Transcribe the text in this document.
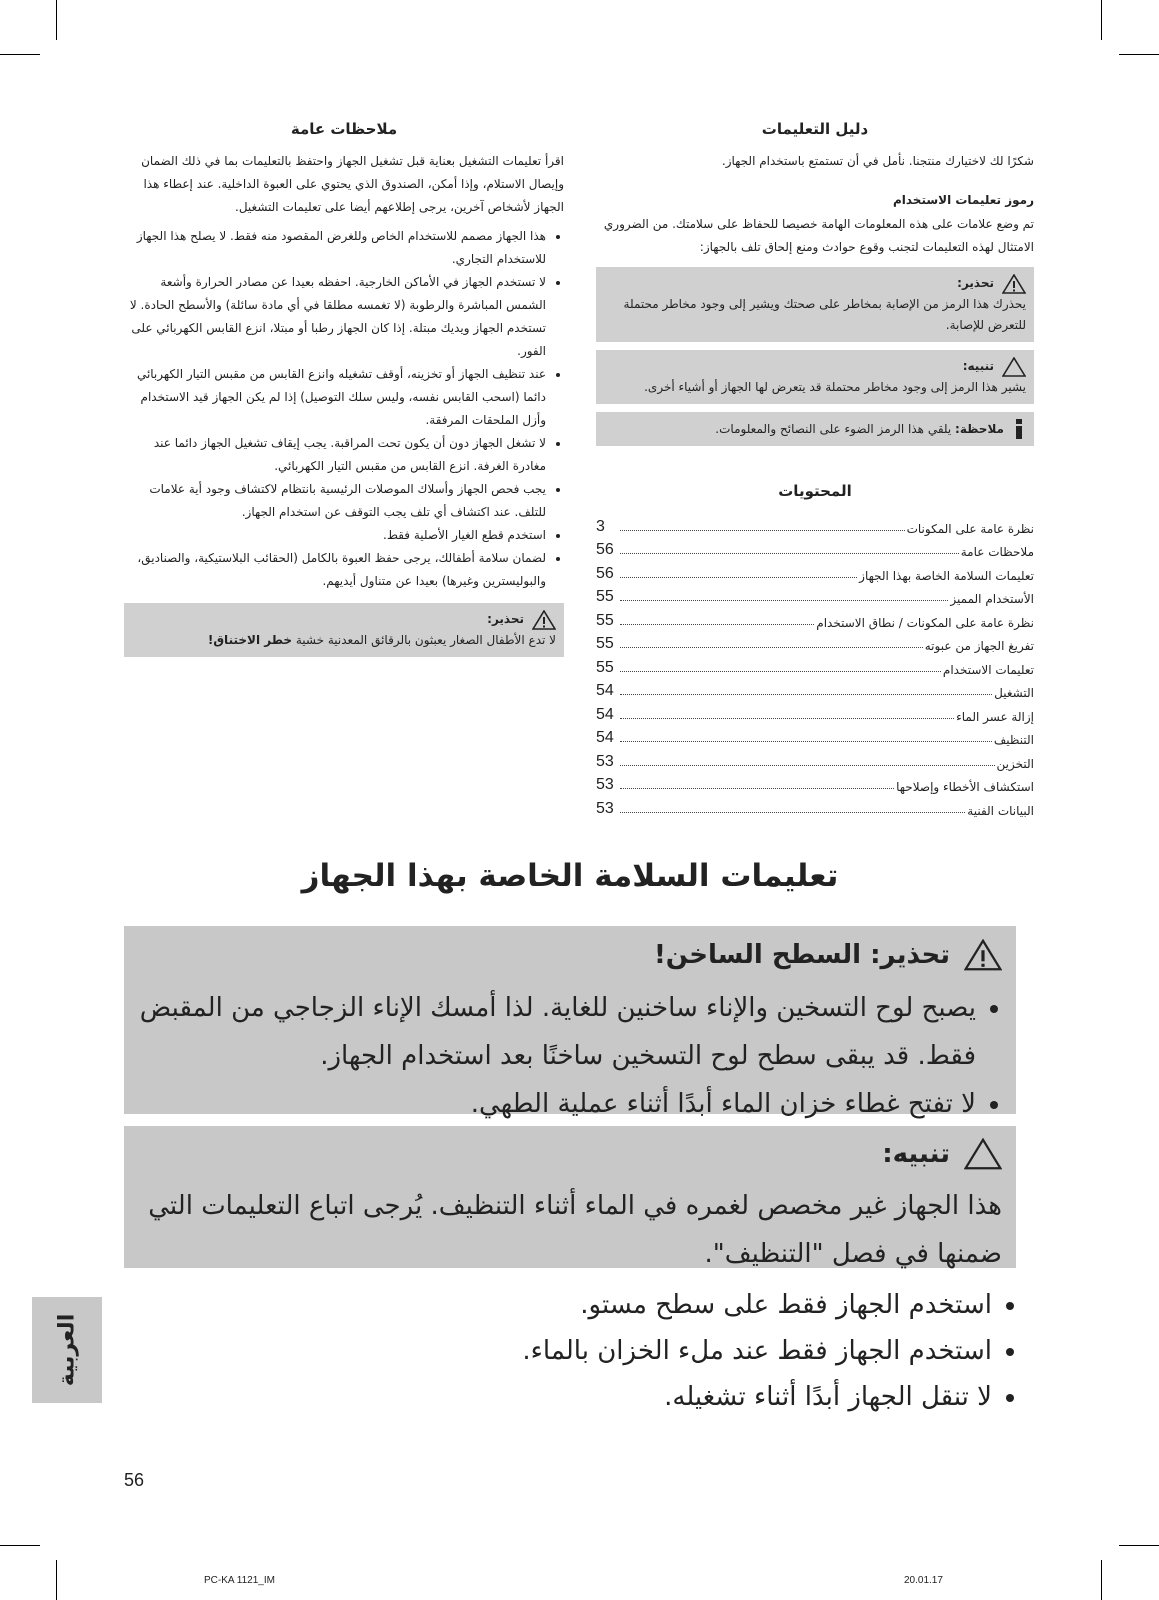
دليل التعليمات

شكرًا لك لاختيارك منتجنا. نأمل في أن تستمتع باستخدام الجهاز.

رموز تعليمات الاستخدام

تم وضع علامات على هذه المعلومات الهامة خصيصا للحفاظ على سلامتك. من الضروري الامتثال لهذه التعليمات لتجنب وقوع حوادث ومنع إلحاق تلف بالجهاز:

تحذير:
يحذرك هذا الرمز من الإصابة بمخاطر على صحتك ويشير إلى وجود مخاطر محتملة للتعرض للإصابة.
تنبيه:
يشير هذا الرمز إلى وجود مخاطر محتملة قد يتعرض لها الجهاز أو أشياء أخرى.
ملاحظة: يلقي هذا الرمز الضوء على النصائح والمعلومات.
المحتويات
نظرة عامة على المكونات
3
ملاحظات عامة
56
تعليمات السلامة الخاصة بهذا الجهاز
56
الأستخدام المميز
55
نظرة عامة على المكونات / نطاق الاستخدام
55
تفريغ الجهاز من عبوته
55
تعليمات الاستخدام
55
التشغيل
54
إزالة عسر الماء
54
التنظيف
54
التخزين
53
استكشاف الأخطاء وإصلاحها
53
البيانات الفنية
53
ملاحظات عامة

اقرأ تعليمات التشغيل بعناية قبل تشغيل الجهاز واحتفظ بالتعليمات بما في ذلك الضمان وإيصال الاستلام، وإذا أمكن، الصندوق الذي يحتوي على العبوة الداخلية. عند إعطاء هذا الجهاز لأشخاص آخرين، يرجى إطلاعهم أيضا على تعليمات التشغيل.

• هذا الجهاز مصمم للاستخدام الخاص وللغرض المقصود منه فقط. لا يصلح هذا الجهاز للاستخدام التجاري.
• لا تستخدم الجهاز في الأماكن الخارجية. احفظه بعيدا عن مصادر الحرارة وأشعة الشمس المباشرة والرطوبة (لا تغمسه مطلقا في أي مادة سائلة) والأسطح الحادة. لا تستخدم الجهاز ويديك مبتلة. إذا كان الجهاز رطبا أو مبتلا، انزع القابس الكهربائي على الفور.
• عند تنظيف الجهاز أو تخزينه، أوقف تشغيله وانزع القابس من مقبس التيار الكهربائي دائما (اسحب القابس نفسه، وليس سلك التوصيل) إذا لم يكن الجهاز قيد الاستخدام وأزل الملحقات المرفقة.
• لا تشغل الجهاز دون أن يكون تحت المراقبة. يجب إيقاف تشغيل الجهاز دائما عند مغادرة الغرفة. انزع القابس من مقبس التيار الكهربائي.
• يجب فحص الجهاز وأسلاك الموصلات الرئيسية بانتظام لاكتشاف وجود أية علامات للتلف. عند اكتشاف أي تلف يجب التوقف عن استخدام الجهاز.
• استخدم قطع الغيار الأصلية فقط.
• لضمان سلامة أطفالك، يرجى حفظ العبوة بالكامل (الحقائب البلاستيكية، والصناديق، والبوليسترين وغيرها) بعيدا عن متناول أيديهم.
تحذير:
لا تدع الأطفال الصغار يعبثون بالرقائق المعدنية خشية خطر الاختناق!
تعليمات السلامة الخاصة بهذا الجهاز
تحذير: السطح الساخن!
• يصبح لوح التسخين والإناء ساخنين للغاية. لذا أمسك الإناء الزجاجي من المقبض فقط. قد يبقى سطح لوح التسخين ساخنًا بعد استخدام الجهاز.
• لا تفتح غطاء خزان الماء أبدًا أثناء عملية الطهي.
تنبيه:

هذا الجهاز غير مخصص لغمره في الماء أثناء التنظيف. يُرجى اتباع التعليمات التي ضمنها في فصل "التنظيف".

• استخدم الجهاز فقط على سطح مستو.
• استخدم الجهاز فقط عند ملء الخزان بالماء.
• لا تنقل الجهاز أبدًا أثناء تشغيله.
العربية
56
PC-KA 1121_IM	20.01.17
